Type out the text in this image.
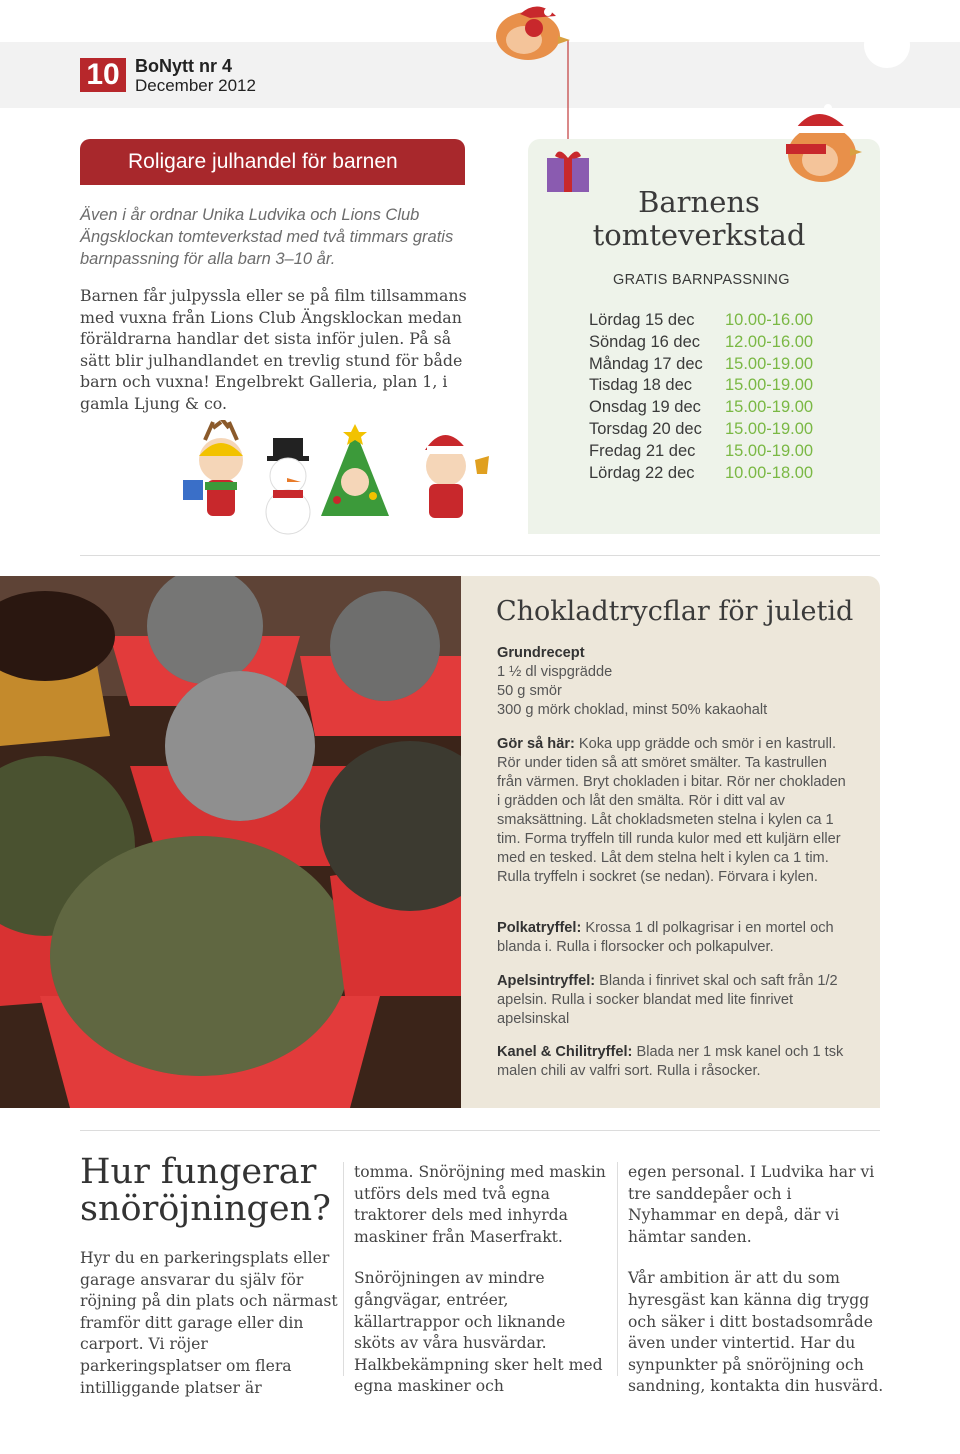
10 BoNytt nr 4
December 2012
Roligare julhandel för barnen
Även i år ordnar Unika Ludvika och Lions Club Ängsklockan tomteverkstad med två timmars gratis barnpassning för alla barn 3–10 år.
Barnen får julpyssla eller se på film tillsammans med vuxna från Lions Club Ängsklockan medan föräldrarna handlar det sista inför julen. På så sätt blir julhandlandet en trevlig stund för både barn och vuxna! Engelbrekt Galleria, plan 1, i gamla Ljung & co.
Barnens tomteverkstad
GRATIS BARNPASSNING
Lördag 15 dec	10.00-16.00
Söndag 16 dec	12.00-16.00
Måndag 17 dec	15.00-19.00
Tisdag 18 dec	15.00-19.00
Onsdag 19 dec	15.00-19.00
Torsdag 20 dec	15.00-19.00
Fredag 21 dec	15.00-19.00
Lördag 22 dec	10.00-18.00
Chokladtrycflar för juletid
Grundrecept
1 ½ dl vispgrädde
50 g smör
300 g mörk choklad, minst 50% kakaohalt
Gör så här: Koka upp grädde och smör i en kastrull. Rör under tiden så att smöret smälter. Ta kastrullen från värmen. Bryt chokladen i bitar. Rör ner chokladen i grädden och låt den smälta. Rör i ditt val av smaksättning. Låt chokladsmeten stelna i kylen ca 1 tim. Forma tryffeln till runda kulor med ett kuljärn eller med en tesked. Låt dem stelna helt i kylen ca 1 tim. Rulla tryffeln i sockret (se nedan). Förvara i kylen.
Polkatryffel: Krossa 1 dl polkagrisar i en mortel och blanda i. Rulla i florsocker och polkapulver.
Apelsintryffel: Blanda i finrivet skal och saft från 1/2 apelsin. Rulla i socker blandat med lite finrivet apelsinskal
Kanel & Chilitryffel: Blada ner 1 msk kanel och 1 tsk malen chili av valfri sort. Rulla i råsocker.
Hur fungerar snöröjningen?

Hyr du en parkeringsplats eller garage ansvarar du själv för röjning på din plats och närmast framför ditt garage eller din carport. Vi röjer parkeringsplatser om flera intilliggande platser är

tomma. Snöröjning med maskin utförs dels med två egna traktorer dels med inhyrda maskiner från Maserfrakt.

Snöröjningen av mindre gångvägar, entréer, källartrappor och liknande sköts av våra husvärdar. Halkbekämpning sker helt med egna maskiner och

egen personal. I Ludvika har vi tre sanddepåer och i Nyhammar en depå, där vi hämtar sanden.

Vår ambition är att du som hyresgäst kan känna dig trygg och säker i ditt bostadsområde även under vintertid. Har du synpunkter på snöröjning och sandning, kontakta din husvärd.
